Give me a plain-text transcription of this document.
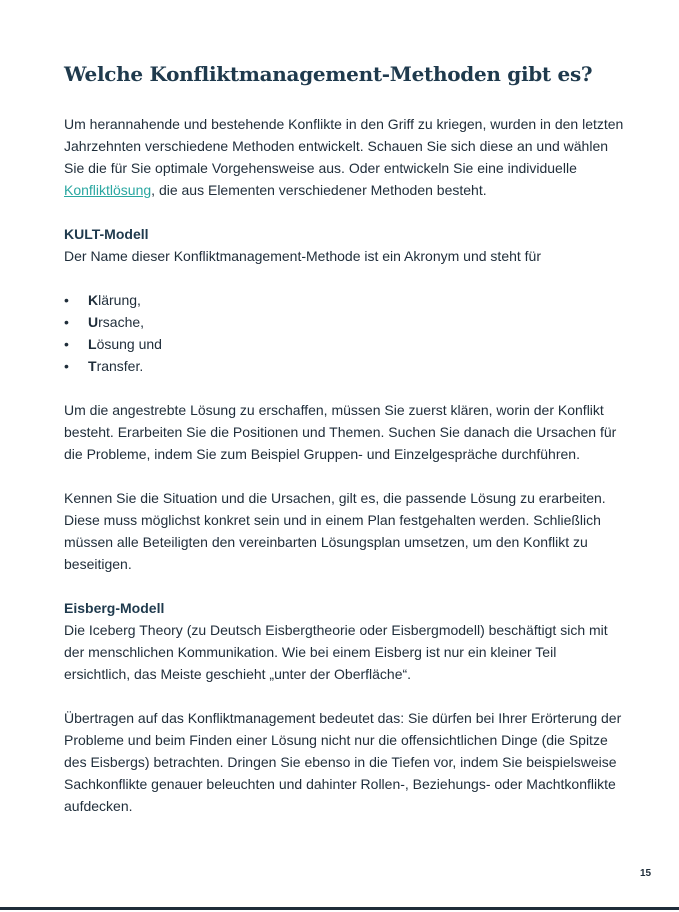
Welche Konfliktmanagement-Methoden gibt es?

Um herannahende und bestehende Konflikte in den Griff zu kriegen, wurden in den letzten Jahrzehnten verschiedene Methoden entwickelt. Schauen Sie sich diese an und wählen Sie die für Sie optimale Vorgehensweise aus. Oder entwickeln Sie eine individuelle Konfliktlösung, die aus Elementen verschiedener Methoden besteht.

KULT-Modell

Der Name dieser Konfliktmanagement-Methode ist ein Akronym und steht für

• Klärung,
• Ursache,
• Lösung und
• Transfer.

Um die angestrebte Lösung zu erschaffen, müssen Sie zuerst klären, worin der Konflikt besteht. Erarbeiten Sie die Positionen und Themen. Suchen Sie danach die Ursachen für die Probleme, indem Sie zum Beispiel Gruppen- und Einzelgespräche durchführen.

Kennen Sie die Situation und die Ursachen, gilt es, die passende Lösung zu erarbeiten. Diese muss möglichst konkret sein und in einem Plan festgehalten werden. Schließlich müssen alle Beteiligten den vereinbarten Lösungsplan umsetzen, um den Konflikt zu beseitigen.

Eisberg-Modell

Die Iceberg Theory (zu Deutsch Eisbergtheorie oder Eisbergmodell) beschäftigt sich mit der menschlichen Kommunikation. Wie bei einem Eisberg ist nur ein kleiner Teil ersichtlich, das Meiste geschieht „unter der Oberfläche“.

Übertragen auf das Konfliktmanagement bedeutet das: Sie dürfen bei Ihrer Erörterung der Probleme und beim Finden einer Lösung nicht nur die offensichtlichen Dinge (die Spitze des Eisbergs) betrachten. Dringen Sie ebenso in die Tiefen vor, indem Sie beispielsweise Sachkonflikte genauer beleuchten und dahinter Rollen-, Beziehungs- oder Machtkonflikte aufdecken.

15
